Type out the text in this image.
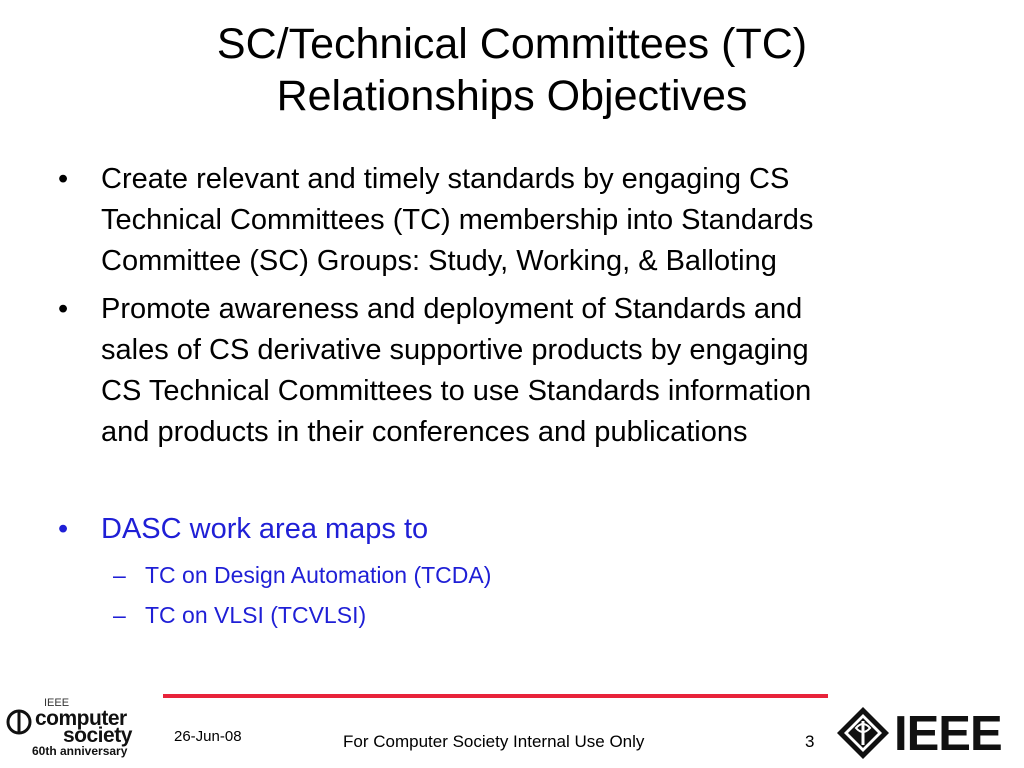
SC/Technical Committees (TC)
Relationships Objectives
• Create relevant and timely standards by engaging CS
Technical Committees (TC) membership into Standards
Committee (SC) Groups: Study, Working, & Balloting
• Promote awareness and deployment of Standards and
sales of CS derivative supportive products by engaging
CS Technical Committees to use Standards information
and products in their conferences and publications
• DASC work area maps to
– TC on Design Automation (TCDA)
– TC on VLSI (TCVLSI)
26-Jun-08	For Computer Society Internal Use Only	3
IEEE
computer
society
60th anniversary	IEEE
